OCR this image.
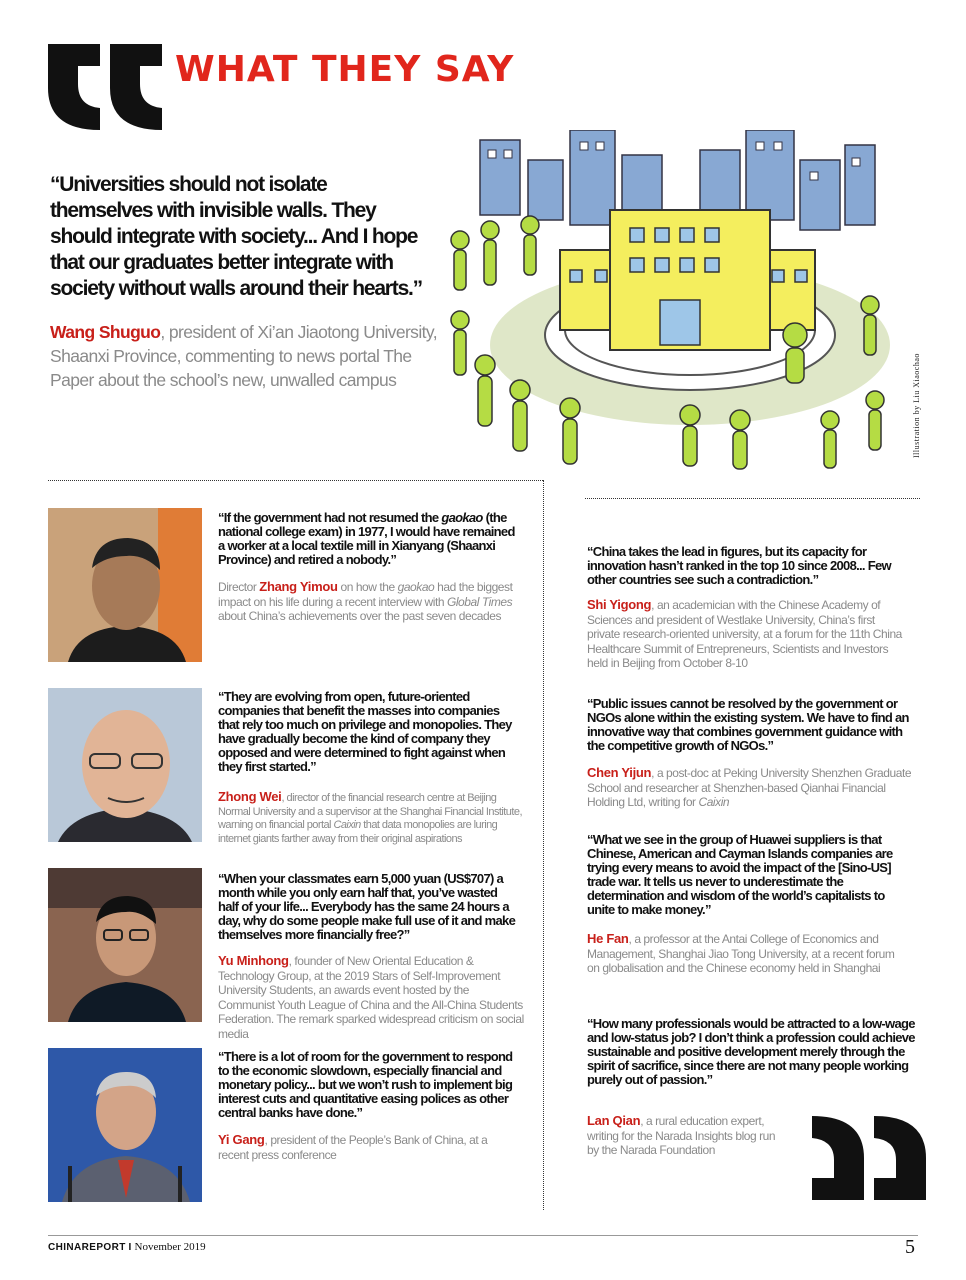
WHAT THEY SAY

“Universities should not isolate themselves with invisible walls. They should integrate with society... And I hope that our graduates better integrate with society without walls around their hearts.”

Wang Shuguo, president of Xi’an Jiaotong University, Shaanxi Province, commenting to news portal The Paper about the school’s new, unwalled campus	Illustration by Liu Xiaochao

“If the government had not resumed the gaokao (the national college exam) in 1977, I would have remained a worker at a local textile mill in Xianyang (Shaanxi Province) and retired a nobody.”

Director Zhang Yimou on how the gaokao had the biggest impact on his life during a recent interview with Global Times about China’s achievements over the past seven decades

“They are evolving from open, future-oriented companies that benefit the masses into companies that rely too much on privilege and monopolies. They have gradually become the kind of company they opposed and were determined to fight against when they first started.”

Zhong Wei, director of the financial research centre at Beijing Normal University and a supervisor at the Shanghai Financial Institute, warning on financial portal Caixin that data monopolies are luring internet giants farther away from their original aspirations

“When your classmates earn 5,000 yuan (US$707) a month while you only earn half that, you’ve wasted half of your life... Everybody has the same 24 hours a day, why do some people make full use of it and make themselves more financially free?”

Yu Minhong, founder of New Oriental Education & Technology Group, at the 2019 Stars of Self-Improvement University Students, an awards event hosted by the Communist Youth League of China and the All-China Students Federation. The remark sparked widespread criticism on social media

“There is a lot of room for the government to respond to the economic slowdown, especially financial and monetary policy... but we won’t rush to implement big interest cuts and quantitative easing polices as other central banks have done.”

Yi Gang, president of the People’s Bank of China, at a recent press conference

“China takes the lead in figures, but its capacity for innovation hasn’t ranked in the top 10 since 2008... Few other countries see such a contradiction.”

Shi Yigong, an academician with the Chinese Academy of Sciences and president of Westlake University, China’s first private research-oriented university, at a forum for the 11th China Healthcare Summit of Entrepreneurs, Scientists and Investors held in Beijing from October 8-10

“Public issues cannot be resolved by the government or NGOs alone within the existing system. We have to find an innovative way that combines government guidance with the competitive growth of NGOs.”

Chen Yijun, a post-doc at Peking University Shenzhen Graduate School and researcher at Shenzhen-based Qianhai Financial Holding Ltd, writing for Caixin

“What we see in the group of Huawei suppliers is that Chinese, American and Cayman Islands companies are trying every means to avoid the impact of the [Sino-US] trade war. It tells us never to underestimate the determination and wisdom of the world’s capitalists to unite to make money.”

He Fan, a professor at the Antai College of Economics and Management, Shanghai Jiao Tong University, at a recent forum on globalisation and the Chinese economy held in Shanghai

“How many professionals would be attracted to a low-wage and low-status job? I don’t think a profession could achieve sustainable and positive development merely through the spirit of sacrifice, since there are not many people working purely out of passion.”

Lan Qian, a rural education expert, writing for the Narada Insights blog run by the Narada Foundation

CHINAREPORT I November 2019	5
